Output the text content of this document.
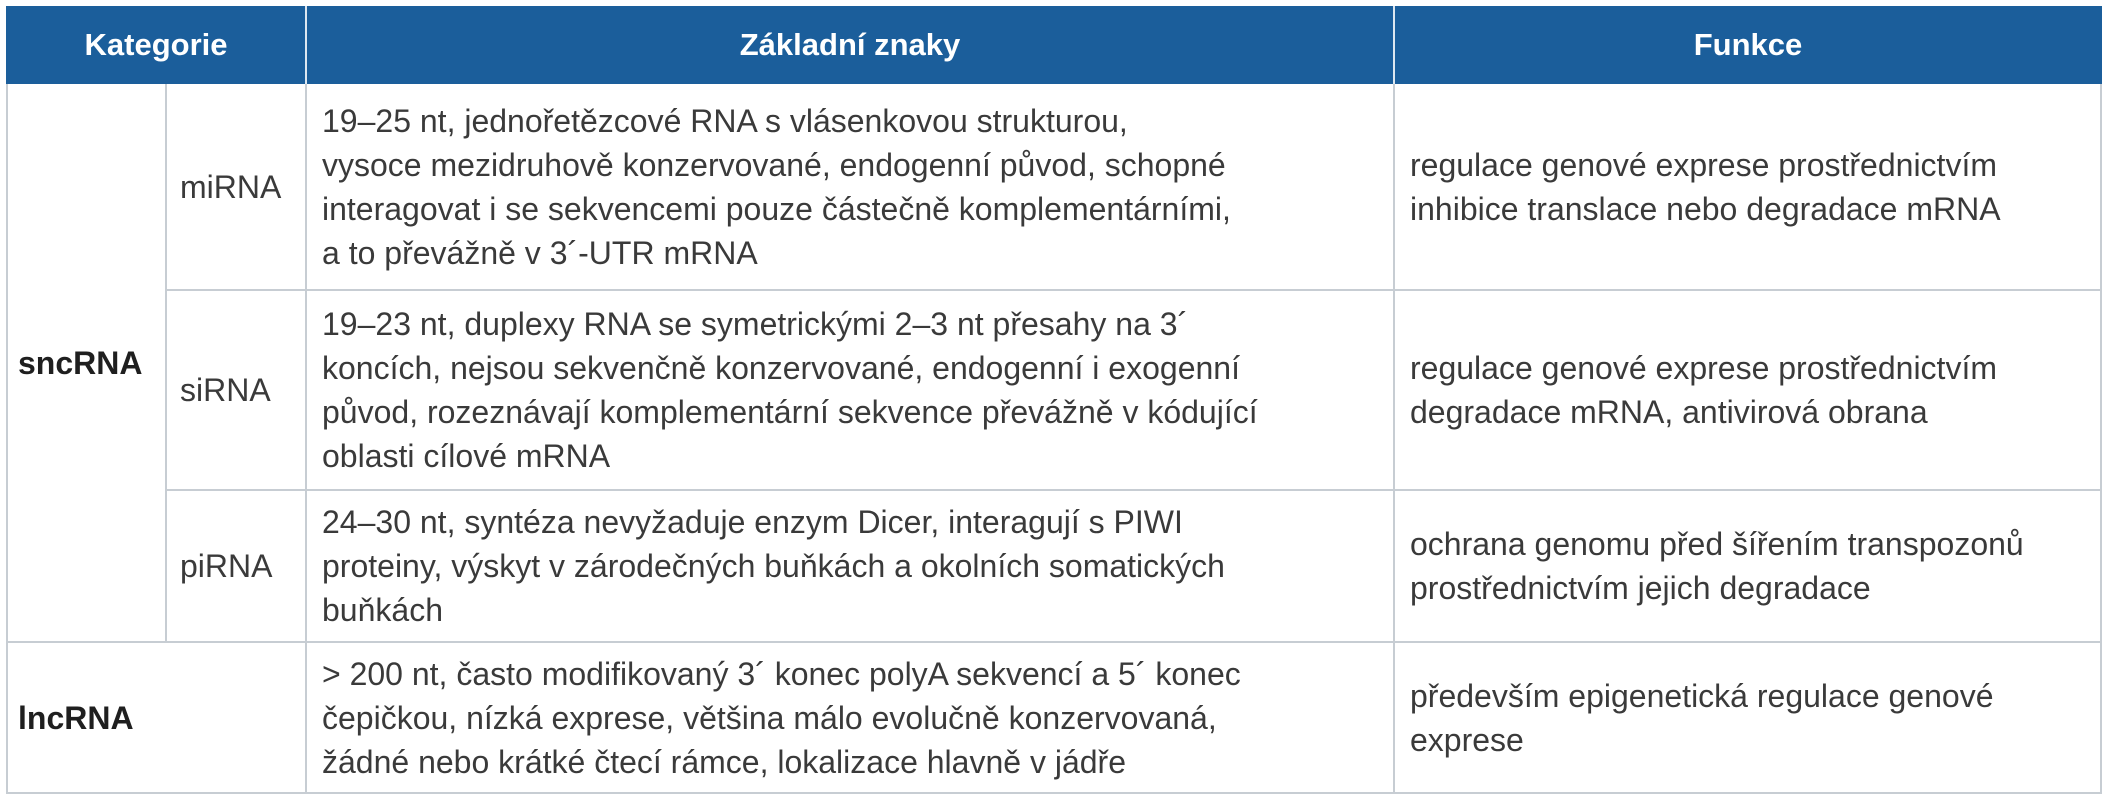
Kategorie	Základní znaky	Funkce
sncRNA
miRNA
19–25 nt, jednořetězcové RNA s vlásenkovou strukturou,
vysoce mezidruhově konzervované, endogenní původ, schopné
interagovat i se sekvencemi pouze částečně komplementárními,
a to převážně v 3´-UTR mRNA
regulace genové exprese prostřednictvím
inhibice translace nebo degradace mRNA
siRNA
19–23 nt, duplexy RNA se symetrickými 2–3 nt přesahy na 3´
koncích, nejsou sekvenčně konzervované, endogenní i exogenní
původ, rozeznávají komplementární sekvence převážně v kódující
oblasti cílové mRNA
regulace genové exprese prostřednictvím
degradace mRNA, antivirová obrana
piRNA
24–30 nt, syntéza nevyžaduje enzym Dicer, interagují s PIWI
proteiny, výskyt v zárodečných buňkách a okolních somatických
buňkách
ochrana genomu před šířením transpozonů
prostřednictvím jejich degradace
lncRNA
> 200 nt, často modifikovaný 3´ konec polyA sekvencí a 5´ konec
čepičkou, nízká exprese, většina málo evolučně konzervovaná,
žádné nebo krátké čtecí rámce, lokalizace hlavně v jádře
především epigenetická regulace genové
exprese
